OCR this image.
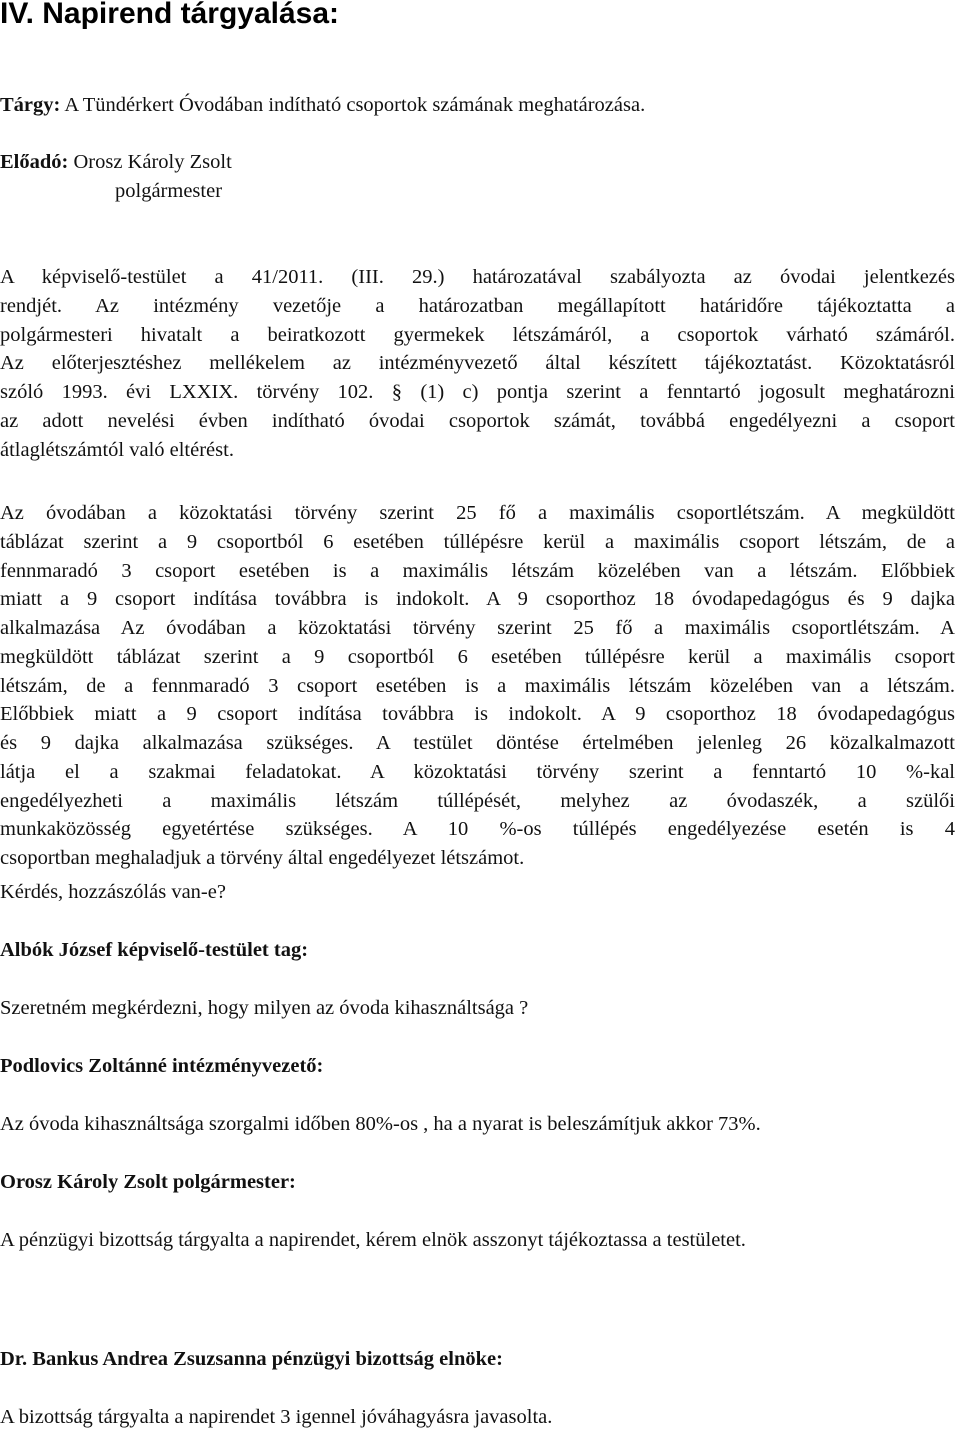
IV. Napirend tárgyalása:
Tárgy: A Tündérkert Óvodában indítható csoportok számának meghatározása.
Előadó: Orosz Károly Zsolt
polgármester
A képviselő-testület a 41/2011. (III. 29.) határozatával szabályozta az óvodai jelentkezés
rendjét. Az intézmény vezetője a határozatban megállapított határidőre tájékoztatta a
polgármesteri hivatalt a beiratkozott gyermekek létszámáról, a csoportok várható számáról.
Az előterjesztéshez mellékelem az intézményvezető által készített tájékoztatást. Közoktatásról
szóló 1993. évi LXXIX. törvény 102. § (1) c) pontja szerint a fenntartó jogosult meghatározni
az adott nevelési évben indítható óvodai csoportok számát, továbbá engedélyezni a csoport
átlaglétszámtól való eltérést.
Az óvodában a közoktatási törvény szerint 25 fő a maximális csoportlétszám. A megküldött
táblázat szerint a 9 csoportból 6 esetében túllépésre kerül a maximális csoport létszám, de a
fennmaradó 3 csoport esetében is a maximális létszám közelében van a létszám. Előbbiek
miatt a 9 csoport indítása továbbra is indokolt. A 9 csoporthoz 18 óvodapedagógus és 9 dajka
alkalmazása Az óvodában a közoktatási törvény szerint 25 fő a maximális csoportlétszám. A
megküldött táblázat szerint a 9 csoportból 6 esetében túllépésre kerül a maximális csoport
létszám, de a fennmaradó 3 csoport esetében is a maximális létszám közelében van a létszám.
Előbbiek miatt a 9 csoport indítása továbbra is indokolt. A 9 csoporthoz 18 óvodapedagógus
és 9 dajka alkalmazása szükséges. A testület döntése értelmében jelenleg 26 közalkalmazott
látja el a szakmai feladatokat. A közoktatási törvény szerint a fenntartó 10 %-kal
engedélyezheti a maximális létszám túllépését, melyhez az óvodaszék, a szülői
munkaközösség egyetértése szükséges. A 10 %-os túllépés engedélyezése esetén is 4
csoportban meghaladjuk a törvény által engedélyezet létszámot.
Kérdés, hozzászólás van-e?
Albók József képviselő-testület tag:
Szeretném megkérdezni, hogy milyen az óvoda kihasználtsága ?
Podlovics Zoltánné intézményvezető:
Az óvoda kihasználtsága szorgalmi időben 80%-os , ha a nyarat is beleszámítjuk akkor 73%.
Orosz Károly Zsolt polgármester:
A pénzügyi bizottság tárgyalta a napirendet, kérem elnök asszonyt tájékoztassa a testületet.
Dr. Bankus Andrea Zsuzsanna pénzügyi bizottság elnöke:
A bizottság tárgyalta a napirendet 3 igennel jóváhagyásra javasolta.
